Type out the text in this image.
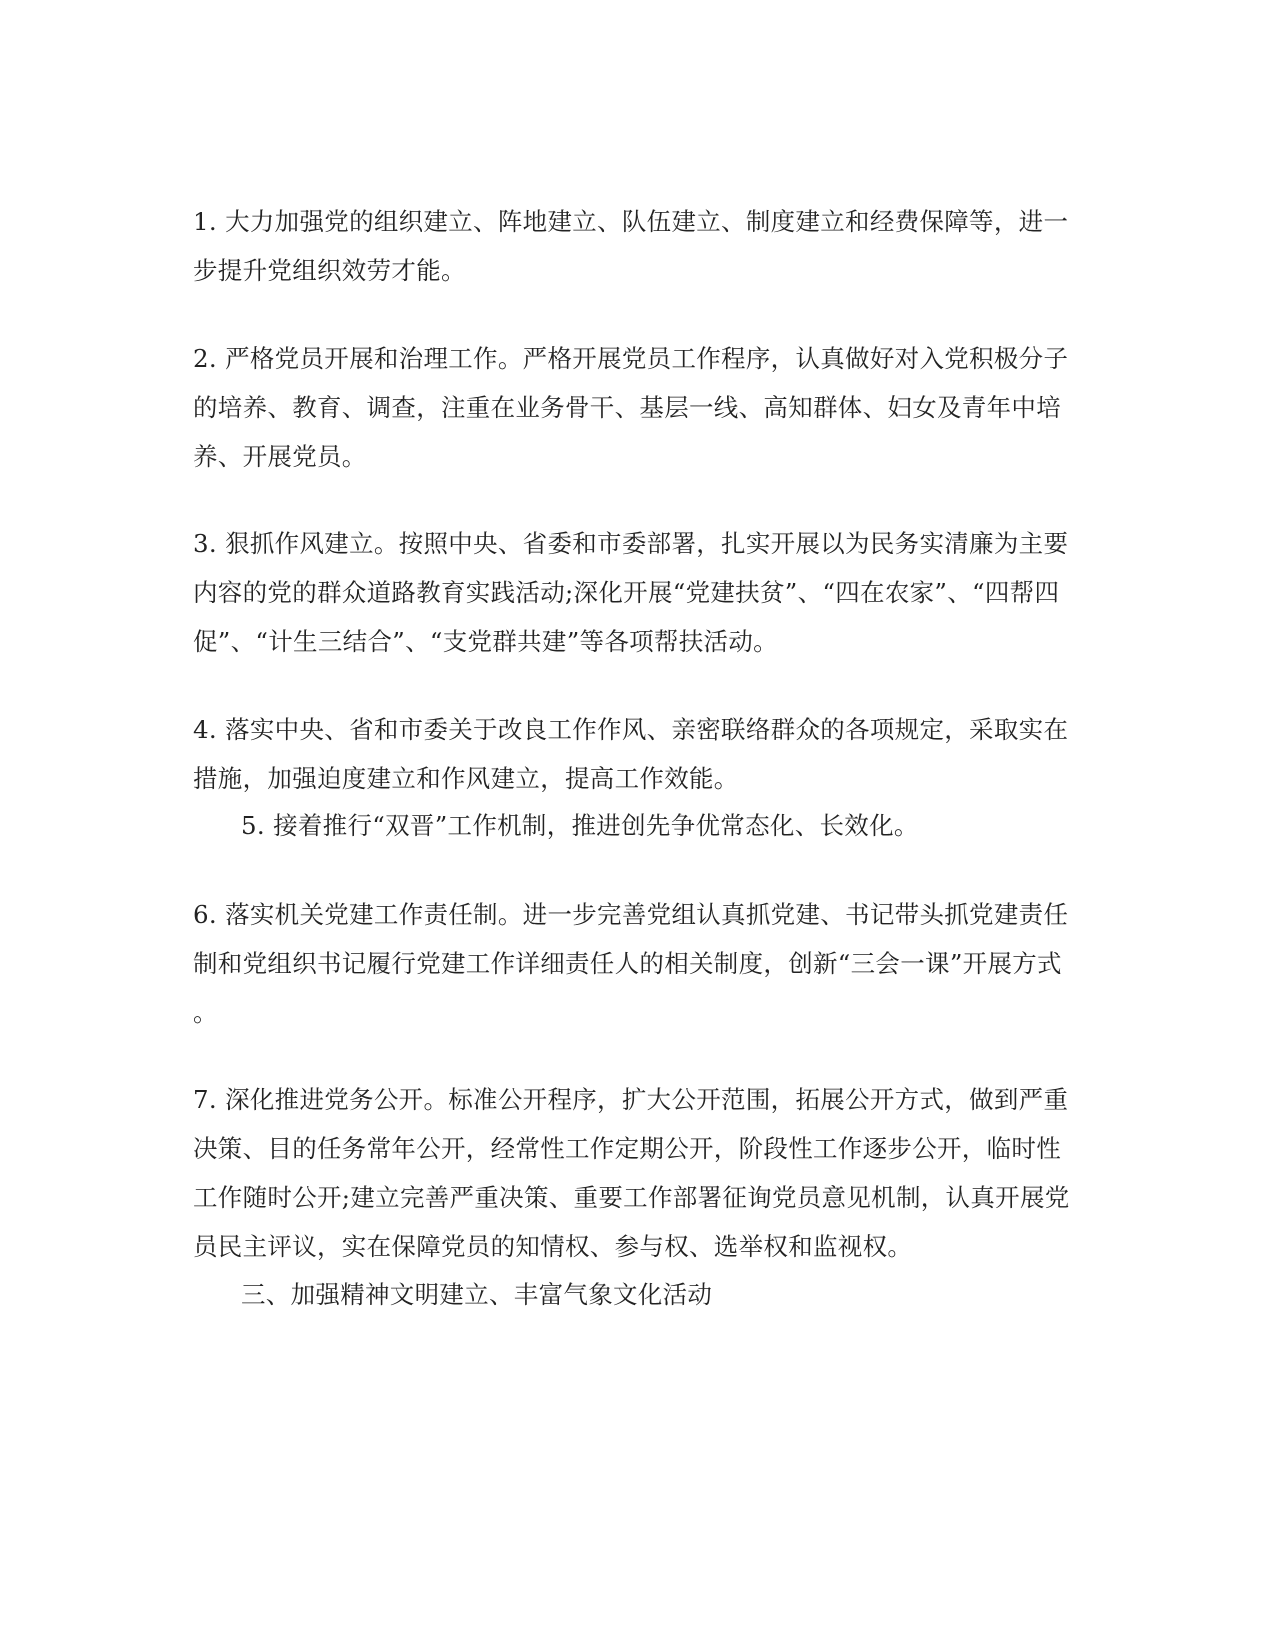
1. 大力加强党的组织建立、阵地建立、队伍建立、制度建立和经费保障等，进一
步提升党组织效劳才能。
2. 严格党员开展和治理工作。严格开展党员工作程序，认真做好对入党积极分子
的培养、教育、调查，注重在业务骨干、基层一线、高知群体、妇女及青年中培
养、开展党员。
3. 狠抓作风建立。按照中央、省委和市委部署，扎实开展以为民务实清廉为主要
内容的党的群众道路教育实践活动;深化开展“党建扶贫”、“四在农家”、“四帮四
促”、“计生三结合”、“支党群共建”等各项帮扶活动。
4. 落实中央、省和市委关于改良工作作风、亲密联络群众的各项规定，采取实在
措施，加强迫度建立和作风建立，提高工作效能。
5. 接着推行“双晋”工作机制，推进创先争优常态化、长效化。
6. 落实机关党建工作责任制。进一步完善党组认真抓党建、书记带头抓党建责任
制和党组织书记履行党建工作详细责任人的相关制度，创新“三会一课”开展方式
。
7. 深化推进党务公开。标准公开程序，扩大公开范围，拓展公开方式，做到严重
决策、目的任务常年公开，经常性工作定期公开，阶段性工作逐步公开，临时性
工作随时公开;建立完善严重决策、重要工作部署征询党员意见机制，认真开展党
员民主评议，实在保障党员的知情权、参与权、选举权和监视权。
三、加强精神文明建立、丰富气象文化活动
